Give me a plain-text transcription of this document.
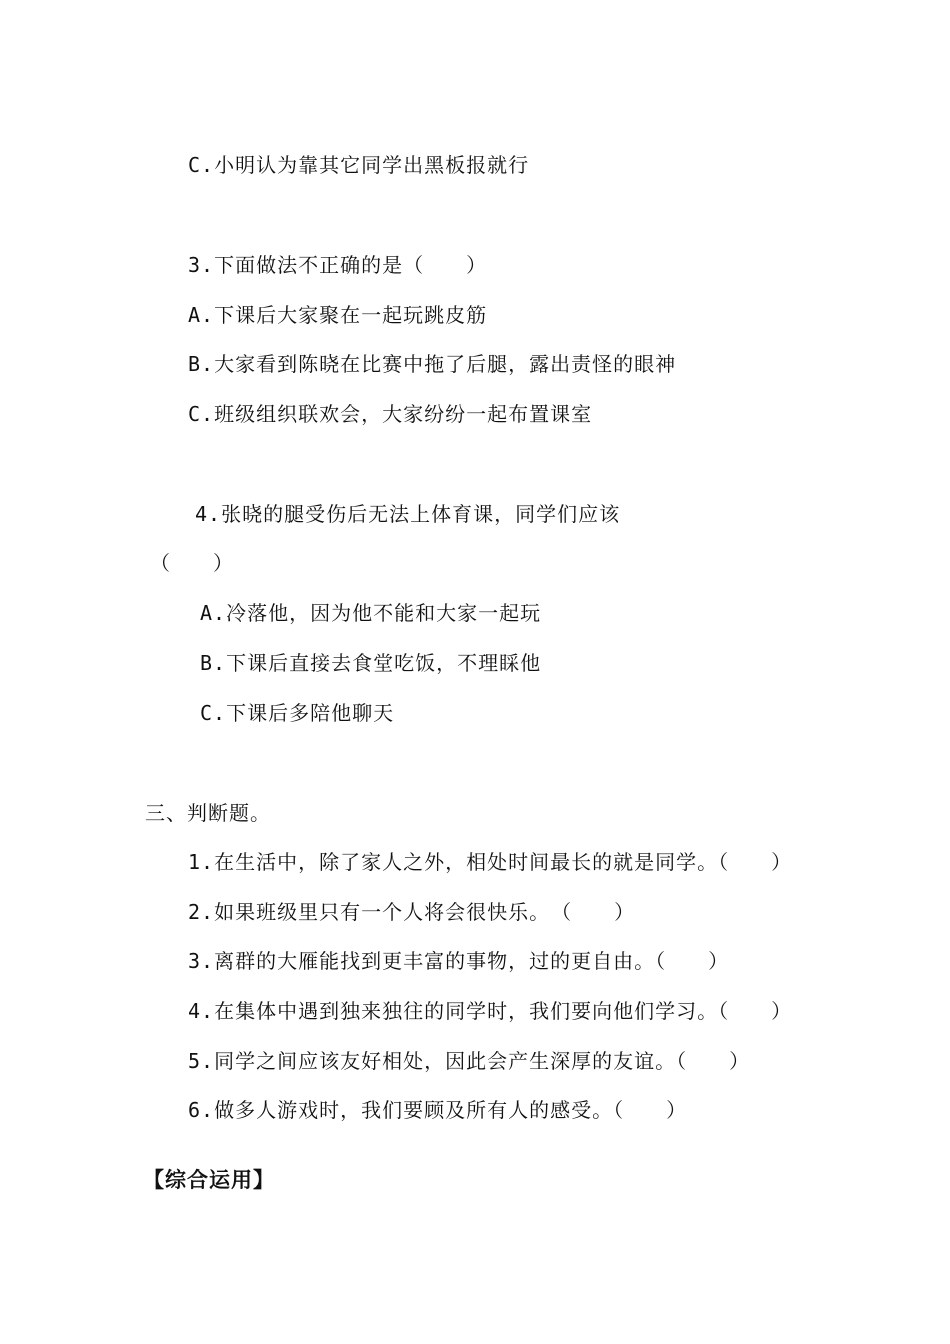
C.小明认为靠其它同学出黑板报就行
3.下面做法不正确的是（　　）
A.下课后大家聚在一起玩跳皮筋
B.大家看到陈晓在比赛中拖了后腿，露出责怪的眼神
C.班级组织联欢会，大家纷纷一起布置课室
4.张晓的腿受伤后无法上体育课，同学们应该
（　　）
A.冷落他，因为他不能和大家一起玩
B.下课后直接去食堂吃饭，不理睬他
C.下课后多陪他聊天
三、判断题。
1.在生活中，除了家人之外，相处时间最长的就是同学。（　　）
2.如果班级里只有一个人将会很快乐。　（　　）
3.离群的大雁能找到更丰富的事物，过的更自由。（　　）
4.在集体中遇到独来独往的同学时，我们要向他们学习。（　　）
5.同学之间应该友好相处，因此会产生深厚的友谊。（　　）
6.做多人游戏时，我们要顾及所有人的感受。（　　）
【综合运用】
